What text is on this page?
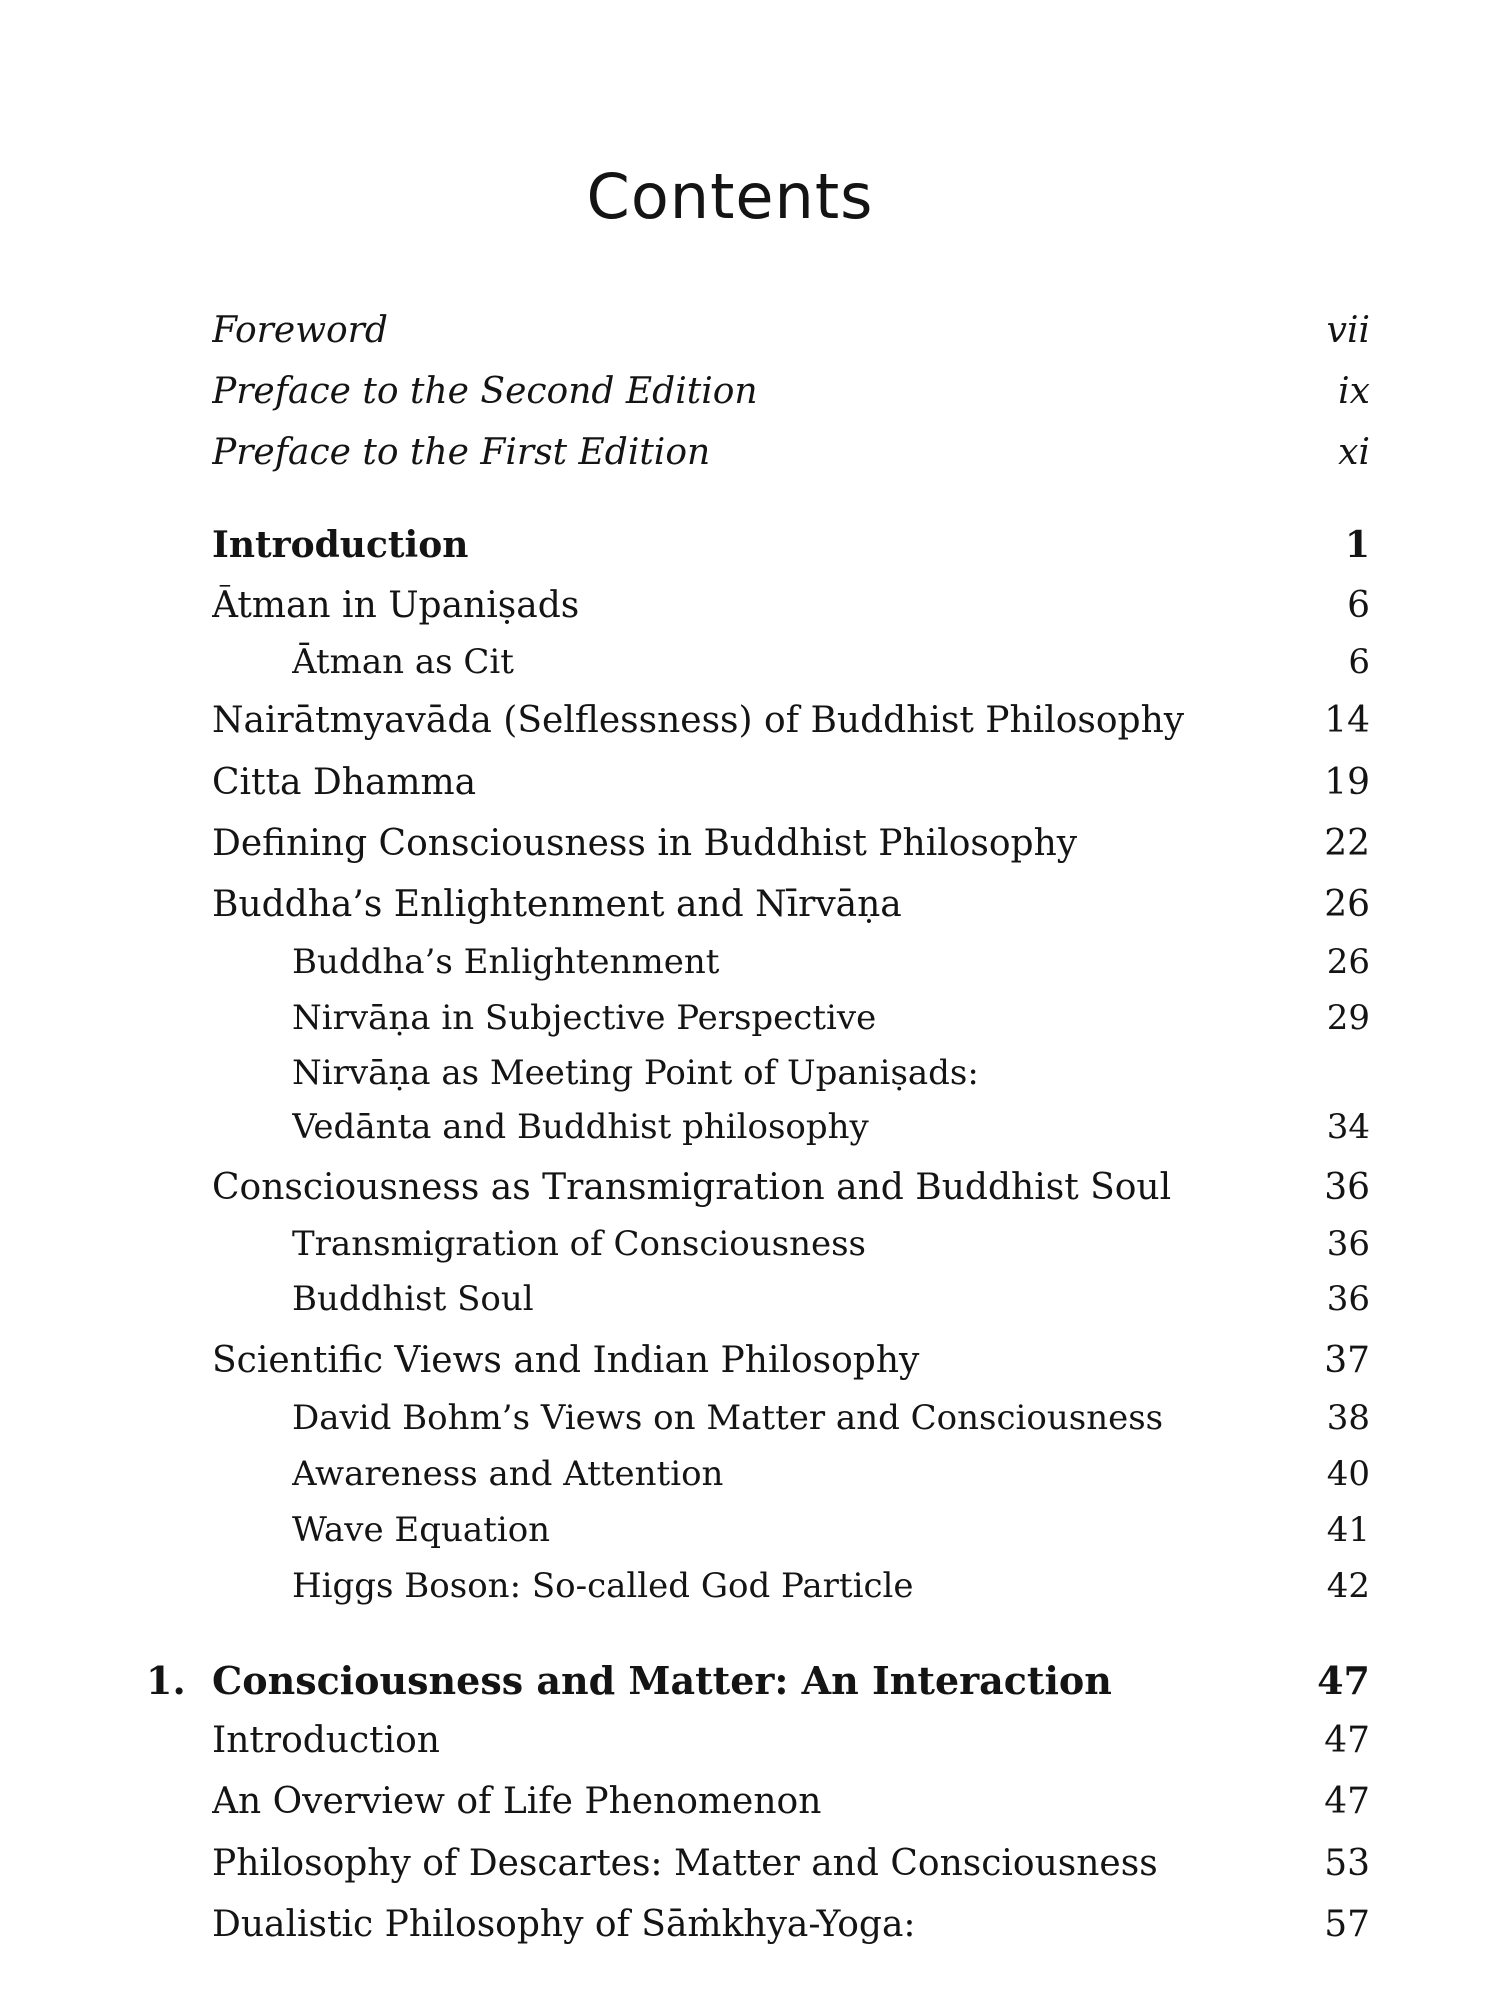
Contents
Foreword	vii
Preface to the Second Edition	ix
Preface to the First Edition	xi
Introduction	1
Ātman in Upaniṣads	6
Ātman as Cit	6
Nairātmyavāda (Selflessness) of Buddhist Philosophy	14
Citta Dhamma	19
Defining Consciousness in Buddhist Philosophy	22
Buddha’s Enlightenment and Nīrvāṇa	26
Buddha’s Enlightenment	26
Nirvāṇa in Subjective Perspective	29
Nirvāṇa as Meeting Point of Upaniṣads:
Vedānta and Buddhist philosophy	34
Consciousness as Transmigration and Buddhist Soul	36
Transmigration of Consciousness	36
Buddhist Soul	36
Scientific Views and Indian Philosophy	37
David Bohm’s Views on Matter and Consciousness	38
Awareness and Attention	40
Wave Equation	41
Higgs Boson: So-called God Particle	42
1. Consciousness and Matter: An Interaction	47
Introduction	47
An Overview of Life Phenomenon	47
Philosophy of Descartes: Matter and Consciousness	53
Dualistic Philosophy of Sāṁkhya-Yoga:	57
